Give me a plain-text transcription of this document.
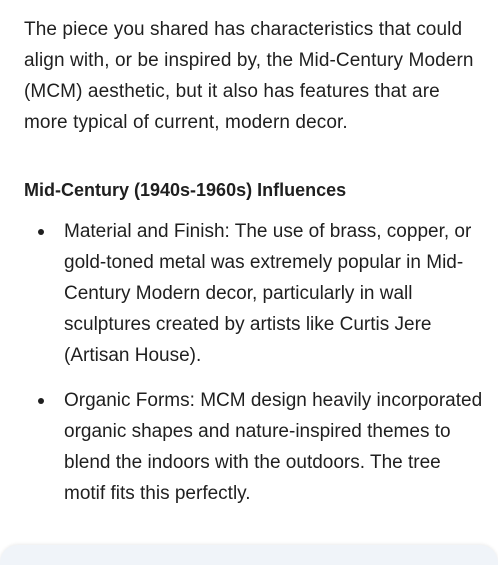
The piece you shared has characteristics that could align with, or be inspired by, the Mid-Century Modern (MCM) aesthetic, but it also has features that are more typical of current, modern decor.

Mid-Century (1940s-1960s) Influences
Material and Finish: The use of brass, copper, or gold-toned metal was extremely popular in Mid-Century Modern decor, particularly in wall sculptures created by artists like Curtis Jere (Artisan House).
Organic Forms: MCM design heavily incorporated organic shapes and nature-inspired themes to blend the indoors with the outdoors. The tree motif fits this perfectly.
